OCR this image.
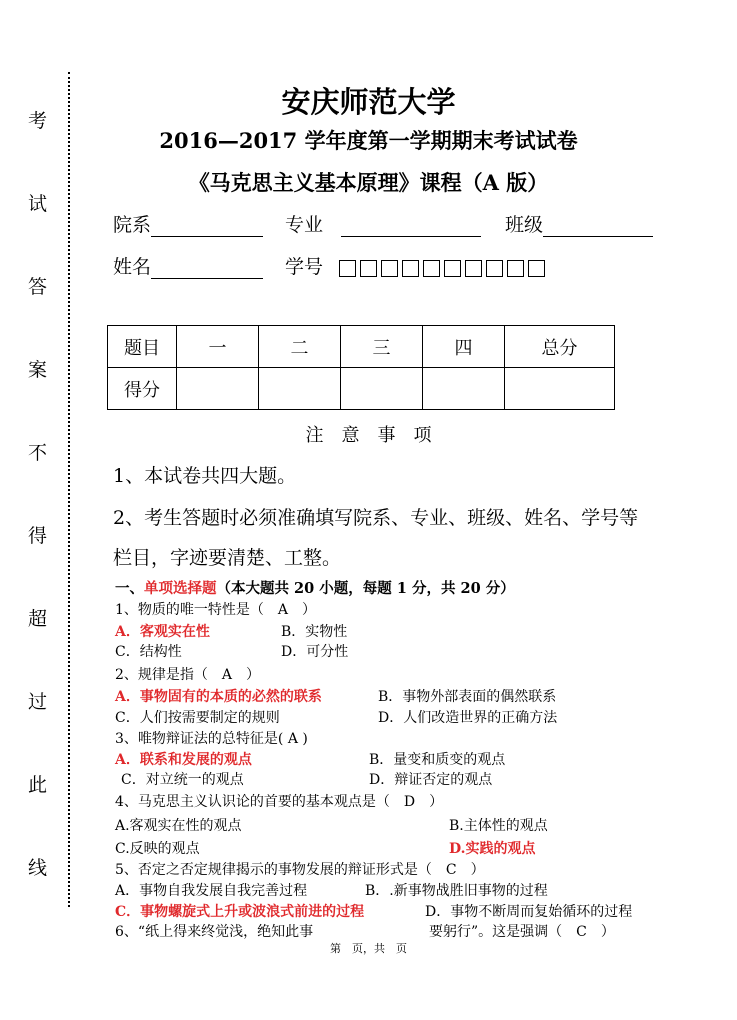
考
试
答
案
不
得
超
过
此
线
安庆师范大学
2016—2017 学年度第一学期期末考试试卷
《马克思主义基本原理》课程（A 版）
院系	专业	班级
姓名	学号
题目	一	二	三	四	总分
得分					
注　意　事　项
1、本试卷共四大题。
2、考生答题时必须准确填写院系、专业、班级、姓名、学号等
栏目，字迹要清楚、工整。
一、单项选择题（本大题共 20 小题，每题 1 分，共 20 分）
1、物质的唯一特性是（　A　）
A．客观实在性	B．实物性
C．结构性	D．可分性
2、规律是指（　A　）
A．事物固有的本质的必然的联系	B．事物外部表面的偶然联系
C．人们按需要制定的规则	D．人们改造世界的正确方法
3、唯物辩证法的总特征是( A )
A．联系和发展的观点	B．量变和质变的观点
C．对立统一的观点	D．辩证否定的观点
4、马克思主义认识论的首要的基本观点是（　D　）
A.客观实在性的观点	B.主体性的观点
C.反映的观点	D.实践的观点
5、否定之否定规律揭示的事物发展的辩证形式是（　C　）
A．事物自我发展自我完善过程	B．.新事物战胜旧事物的过程
C．事物螺旋式上升或波浪式前进的过程	D．事物不断周而复始循环的过程
6、“纸上得来终觉浅，绝知此事	要躬行”。这是强调（　C　）
第　页，共　页
